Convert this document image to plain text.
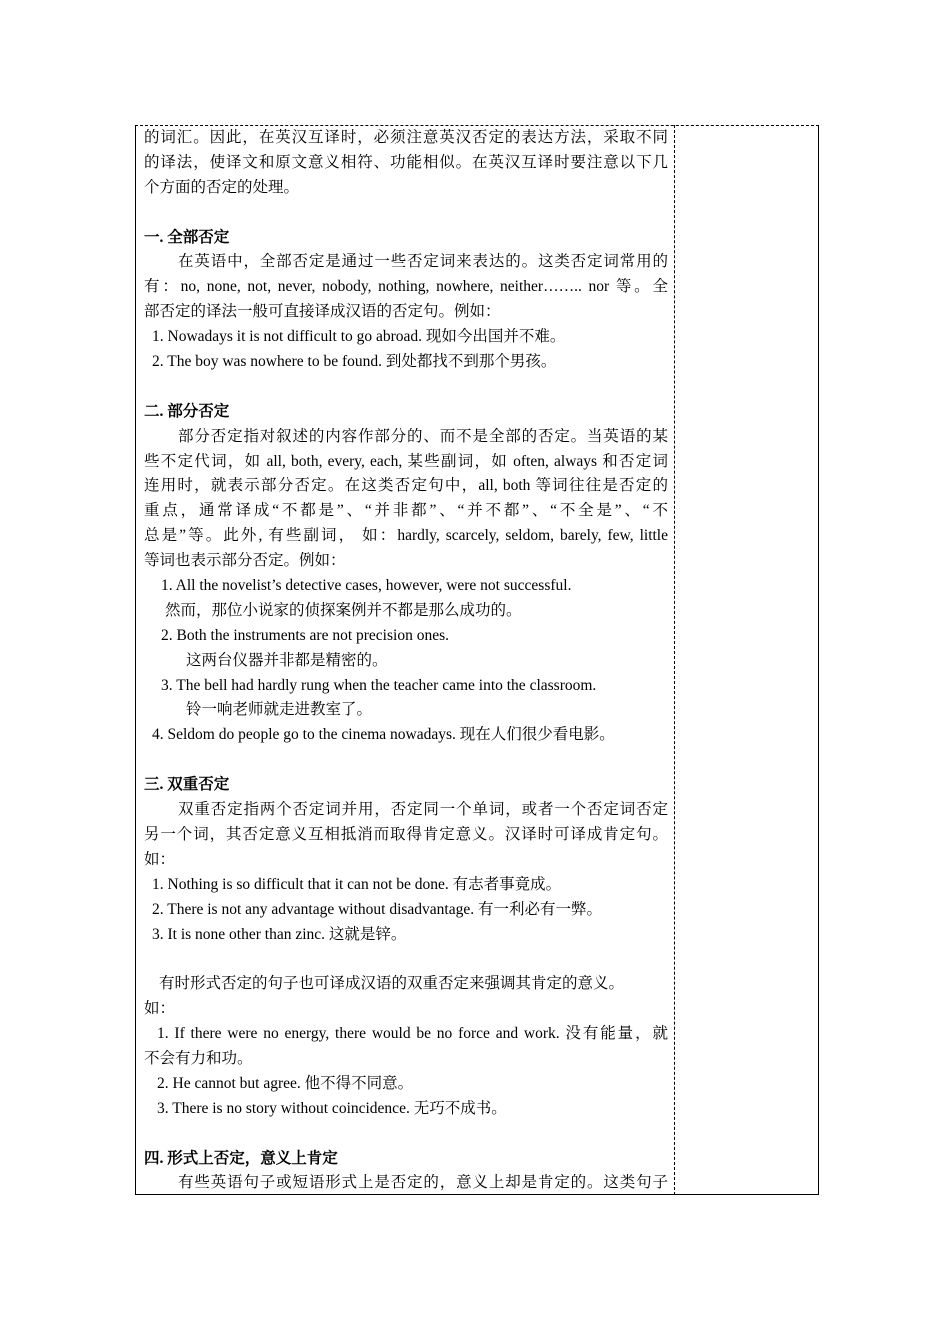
的词汇。因此，在英汉互译时，必须注意英汉否定的表达方法，采取不同
的译法，使译文和原文意义相符、功能相似。在英汉互译时要注意以下几
个方面的否定的处理。
一. 全部否定
在英语中，全部否定是通过一些否定词来表达的。这类否定词常用的
有：no, none, not, never, nobody, nothing, nowhere, neither…….. nor 等。全
部否定的译法一般可直接译成汉语的否定句。例如：
1. Nowadays it is not difficult to go abroad. 现如今出国并不难。
2. The boy was nowhere to be found. 到处都找不到那个男孩。
二. 部分否定
部分否定指对叙述的内容作部分的、而不是全部的否定。当英语的某
些不定代词，如 all, both, every, each, 某些副词，如 often, always 和否定词
连用时，就表示部分否定。在这类否定句中，all, both 等词往往是否定的
重点，通常译成“不都是”、“并非都”、“并不都”、“不全是”、“不
总是”等。此外, 有些副词， 如：hardly, scarcely, seldom, barely, few, little
等词也表示部分否定。例如：
1. All the novelist’s detective cases, however, were not successful.
然而，那位小说家的侦探案例并不都是那么成功的。
2. Both the instruments are not precision ones.
这两台仪器并非都是精密的。
3. The bell had hardly rung when the teacher came into the classroom.
铃一响老师就走进教室了。
4. Seldom do people go to the cinema nowadays. 现在人们很少看电影。
三. 双重否定
双重否定指两个否定词并用，否定同一个单词，或者一个否定词否定
另一个词，其否定意义互相抵消而取得肯定意义。汉译时可译成肯定句。
如：
1. Nothing is so difficult that it can not be done. 有志者事竟成。
2. There is not any advantage without disadvantage. 有一利必有一弊。
3. It is none other than zinc. 这就是锌。
有时形式否定的句子也可译成汉语的双重否定来强调其肯定的意义。
如：
1. If there were no energy, there would be no force and work. 没有能量，就
不会有力和功。
2. He cannot but agree. 他不得不同意。
3. There is no story without coincidence. 无巧不成书。
四. 形式上否定，意义上肯定
有些英语句子或短语形式上是否定的，意义上却是肯定的。这类句子
